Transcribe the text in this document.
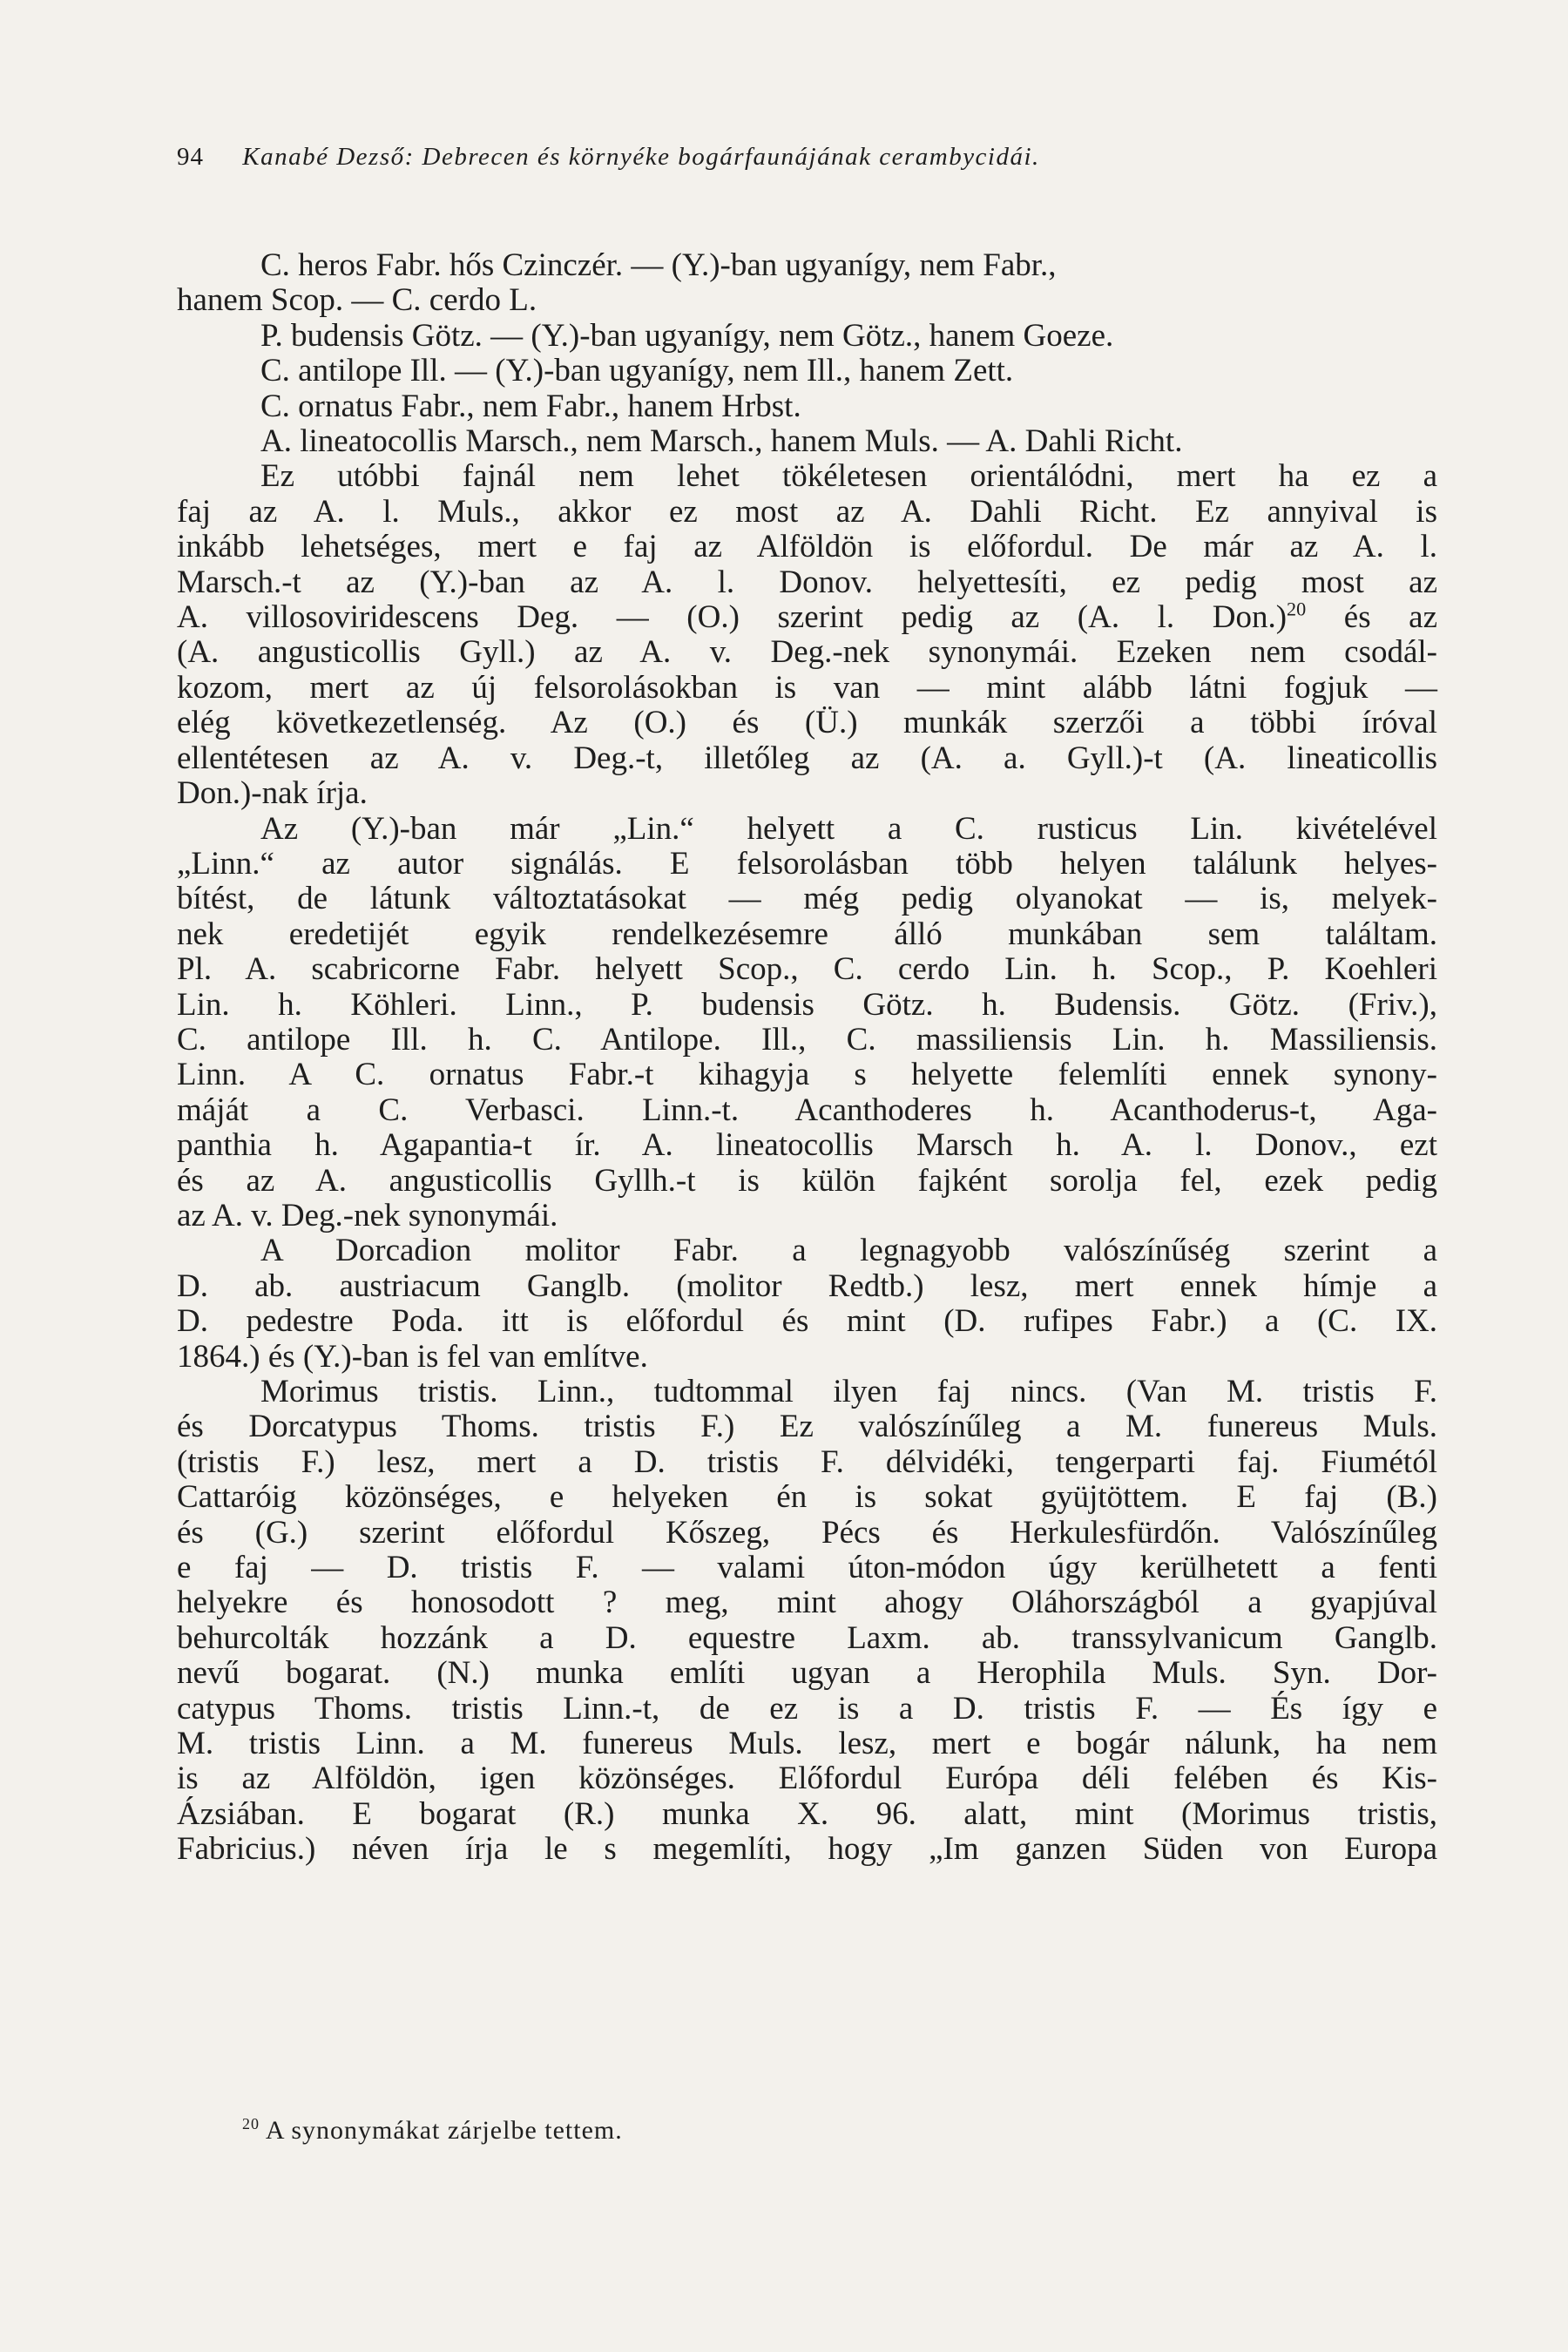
94 Kanabé Dezső: Debrecen és környéke bogárfaunájának cerambycidái.
C. heros Fabr. hős Czinczér. — (Y.)-ban ugyanígy, nem Fabr.,
hanem Scop. — C. cerdo L.
P. budensis Götz. — (Y.)-ban ugyanígy, nem Götz., hanem Goeze.
C. antilope Ill. — (Y.)-ban ugyanígy, nem Ill., hanem Zett.
C. ornatus Fabr., nem Fabr., hanem Hrbst.
A. lineatocollis Marsch., nem Marsch., hanem Muls. — A. Dahli Richt.
Ez utóbbi fajnál nem lehet tökéletesen orientálódni, mert ha ez a
faj az A. l. Muls., akkor ez most az A. Dahli Richt. Ez annyival is
inkább lehetséges, mert e faj az Alföldön is előfordul. De már az A. l.
Marsch.-t az (Y.)-ban az A. l. Donov. helyettesíti, ez pedig most az
A. villosoviridescens Deg. — (O.) szerint pedig az (A. l. Don.)$^{20}$ és az
(A. angusticollis Gyll.) az A. v. Deg.-nek synonymái. Ezeken nem csodál-
kozom, mert az új felsorolásokban is van — mint alább látni fogjuk —
elég következetlenség. Az (O.) és (Ü.) munkák szerzői a többi íróval
ellentétesen az A. v. Deg.-t, illetőleg az (A. a. Gyll.)-t (A. lineaticollis
Don.)-nak írja.
Az (Y.)-ban már „Lin.“ helyett a C. rusticus Lin. kivételével
„Linn.“ az autor signálás. E felsorolásban több helyen találunk helyes-
bítést, de látunk változtatásokat — még pedig olyanokat — is, melyek-
nek eredetijét egyik rendelkezésemre álló munkában sem találtam.
Pl. A. scabricorne Fabr. helyett Scop., C. cerdo Lin. h. Scop., P. Koehleri
Lin. h. Köhleri. Linn., P. budensis Götz. h. Budensis. Götz. (Friv.),
C. antilope Ill. h. C. Antilope. Ill., C. massiliensis Lin. h. Massiliensis.
Linn. A C. ornatus Fabr.-t kihagyja s helyette felemlíti ennek synony-
máját a C. Verbasci. Linn.-t. Acanthoderes h. Acanthoderus-t, Aga-
panthia h. Agapantia-t ír. A. lineatocollis Marsch h. A. l. Donov., ezt
és az A. angusticollis Gyllh.-t is külön fajként sorolja fel, ezek pedig
az A. v. Deg.-nek synonymái.
A Dorcadion molitor Fabr. a legnagyobb valószínűség szerint a
D. ab. austriacum Ganglb. (molitor Redtb.) lesz, mert ennek hímje a
D. pedestre Poda. itt is előfordul és mint (D. rufipes Fabr.) a (C. IX.
1864.) és (Y.)-ban is fel van említve.
Morimus tristis. Linn., tudtommal ilyen faj nincs. (Van M. tristis F.
és Dorcatypus Thoms. tristis F.) Ez valószínűleg a M. funereus Muls.
(tristis F.) lesz, mert a D. tristis F. délvidéki, tengerparti faj. Fiumétól
Cattaróig közönséges, e helyeken én is sokat gyüjtöttem. E faj (B.)
és (G.) szerint előfordul Kőszeg, Pécs és Herkulesfürdőn. Valószínűleg
e faj — D. tristis F. — valami úton-módon úgy kerülhetett a fenti
helyekre és honosodott ? meg, mint ahogy Oláhországból a gyapjúval
behurcolták hozzánk a D. equestre Laxm. ab. transsylvanicum Ganglb.
nevű bogarat. (N.) munka említi ugyan a Herophila Muls. Syn. Dor-
catypus Thoms. tristis Linn.-t, de ez is a D. tristis F. — És így e
M. tristis Linn. a M. funereus Muls. lesz, mert e bogár nálunk, ha nem
is az Alföldön, igen közönséges. Előfordul Európa déli felében és Kis-
Ázsiában. E bogarat (R.) munka X. 96. alatt, mint (Morimus tristis,
Fabricius.) néven írja le s megemlíti, hogy „Im ganzen Süden von Europa
$^{20}$ A synonymákat zárjelbe tettem.
